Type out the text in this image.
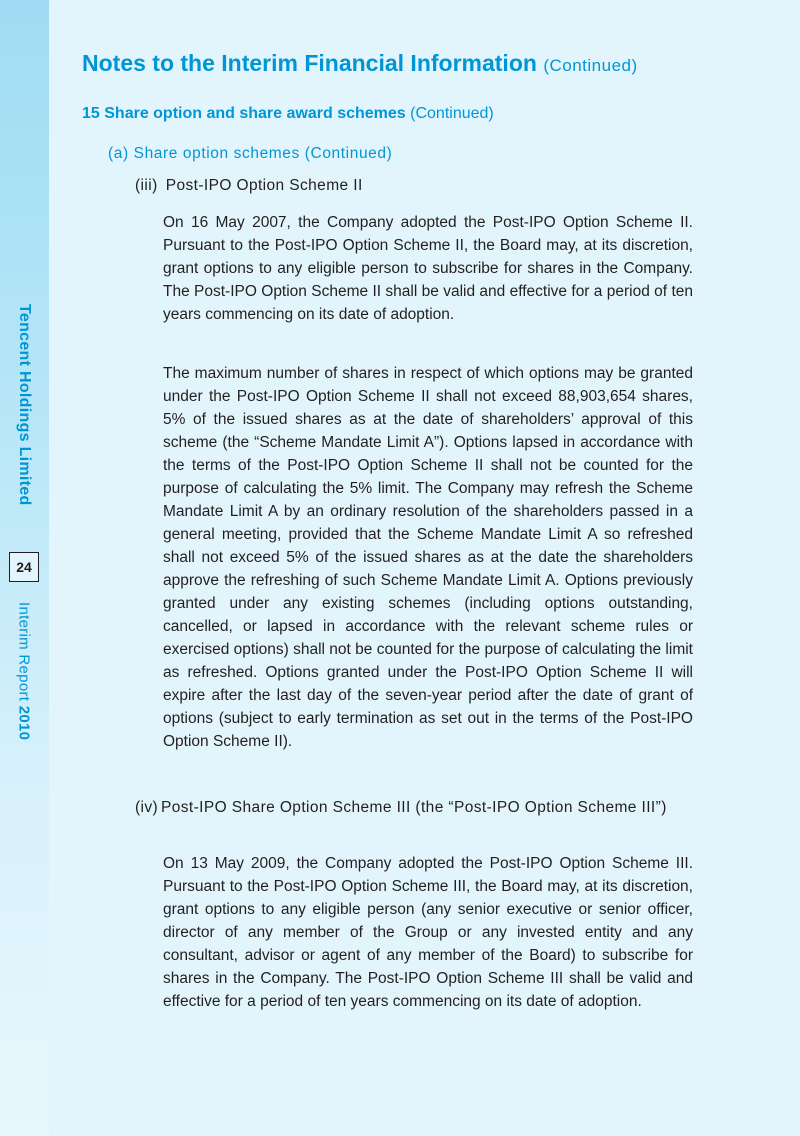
Tencent Holdings Limited
24
Interim Report 2010
Notes to the Interim Financial Information (Continued)
15 Share option and share award schemes (Continued)
(a) Share option schemes (Continued)
(iii) Post-IPO Option Scheme II

On 16 May 2007, the Company adopted the Post-IPO Option Scheme II. Pursuant to the Post-IPO Option Scheme II, the Board may, at its discretion, grant options to any eligible person to subscribe for shares in the Company. The Post-IPO Option Scheme II shall be valid and effective for a period of ten years commencing on its date of adoption.

The maximum number of shares in respect of which options may be granted under the Post-IPO Option Scheme II shall not exceed 88,903,654 shares, 5% of the issued shares as at the date of shareholders’ approval of this scheme (the “Scheme Mandate Limit A”). Options lapsed in accordance with the terms of the Post-IPO Option Scheme II shall not be counted for the purpose of calculating the 5% limit. The Company may refresh the Scheme Mandate Limit A by an ordinary resolution of the shareholders passed in a general meeting, provided that the Scheme Mandate Limit A so refreshed shall not exceed 5% of the issued shares as at the date the shareholders approve the refreshing of such Scheme Mandate Limit A. Options previously granted under any existing schemes (including options outstanding, cancelled, or lapsed in accordance with the relevant scheme rules or exercised options) shall not be counted for the purpose of calculating the limit as refreshed. Options granted under the Post-IPO Option Scheme II will expire after the last day of the seven-year period after the date of grant of options (subject to early termination as set out in the terms of the Post-IPO Option Scheme II).

(iv) Post-IPO Share Option Scheme III (the “Post-IPO Option Scheme III”)

On 13 May 2009, the Company adopted the Post-IPO Option Scheme III. Pursuant to the Post-IPO Option Scheme III, the Board may, at its discretion, grant options to any eligible person (any senior executive or senior officer, director of any member of the Group or any invested entity and any consultant, advisor or agent of any member of the Board) to subscribe for shares in the Company. The Post-IPO Option Scheme III shall be valid and effective for a period of ten years commencing on its date of adoption.
